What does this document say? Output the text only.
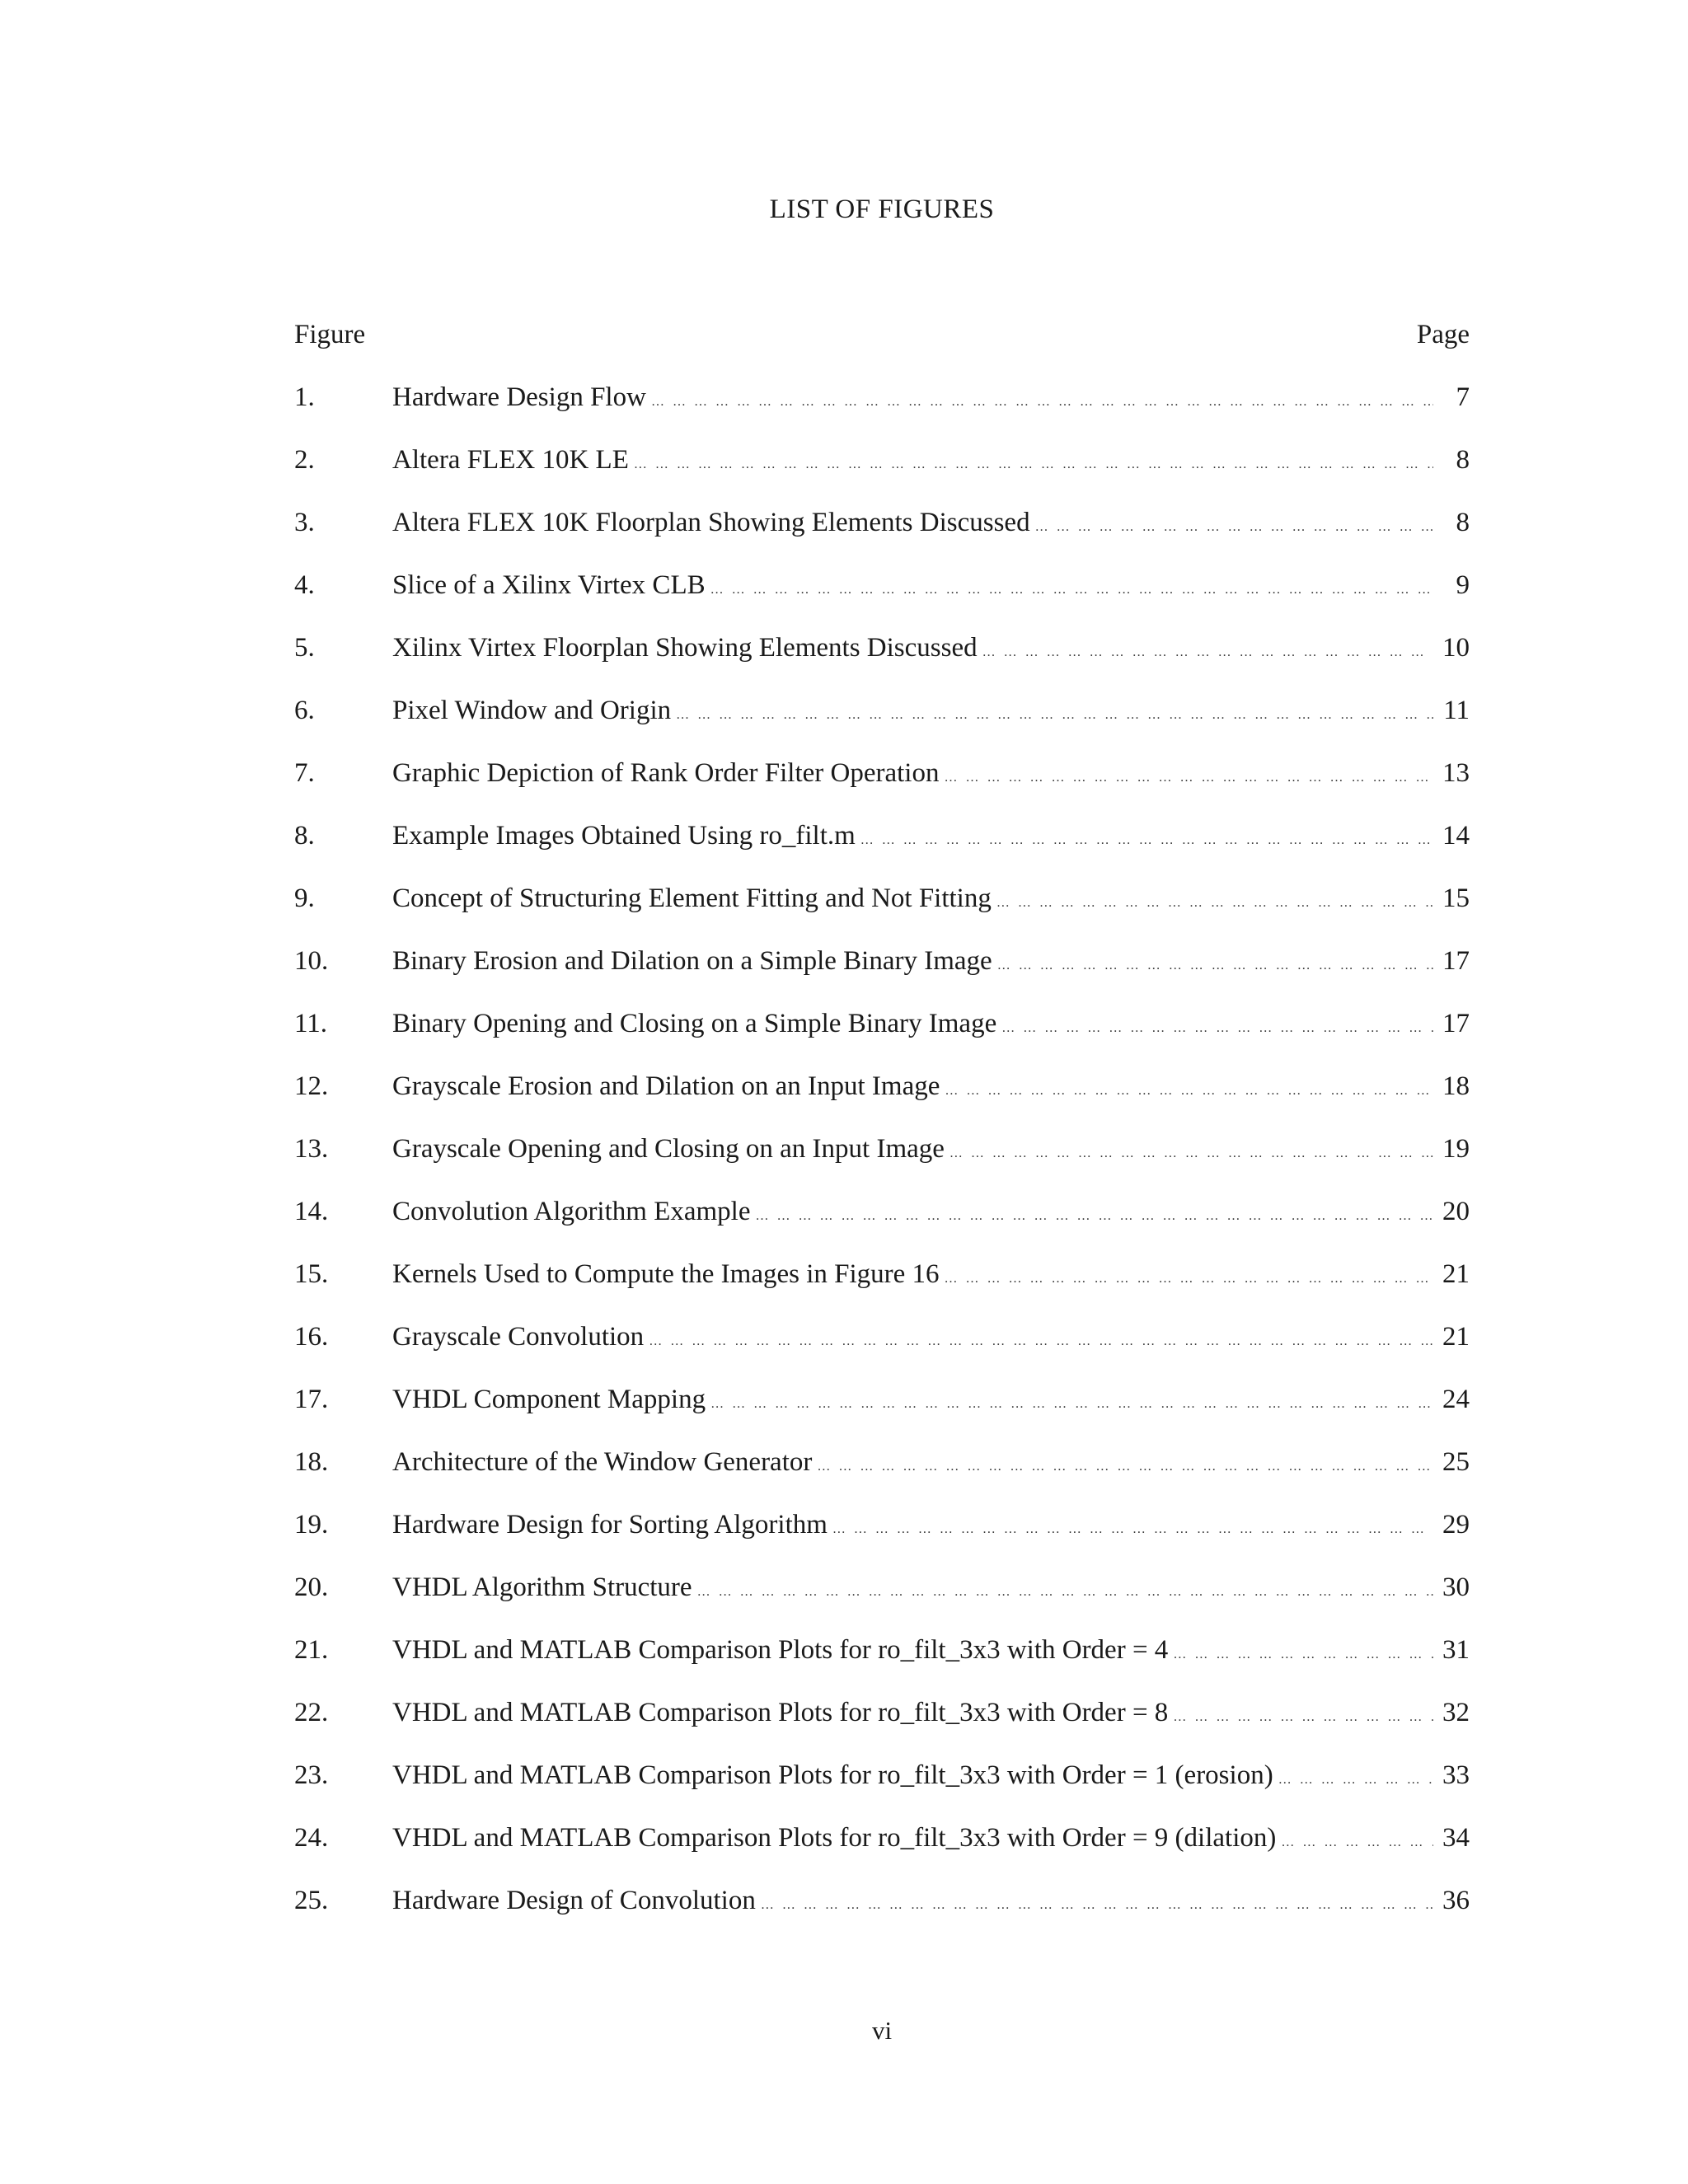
LIST OF FIGURES
Figure	Page
1.	Hardware Design Flow … … … … … … … … … … … … … … … … … … … … … … … … … … … … … … … … … … … … … … … … … … … … … … … … … … … … … … … … … … … … … … …	7
2.	Altera FLEX 10K LE … … … … … … … … … … … … … … … … … … … … … … … … … … … … … … … … … … … … … … … … … … … … … … … … … … … … … … … … … … … … … … …	8
3.	Altera FLEX 10K Floorplan Showing Elements Discussed … … … … … … … … … … … … … … … … … … … … … … … … … … … … … … … … … … … … … … … … … … … … … … … … … … … … … … … … … … … … … … …	8
4.	Slice of a Xilinx Virtex CLB … … … … … … … … … … … … … … … … … … … … … … … … … … … … … … … … … … … … … … … … … … … … … … … … … … … … … … … … … … … … … … …	9
5.	Xilinx Virtex Floorplan Showing Elements Discussed … … … … … … … … … … … … … … … … … … … … … … … … … … … … … … … … … … … … … … … … … … … … … … … … … … … … … … … … … … … … … … …	10
6.	Pixel Window and Origin … … … … … … … … … … … … … … … … … … … … … … … … … … … … … … … … … … … … … … … … … … … … … … … … … … … … … … … … … … … … … … …	11
7.	Graphic Depiction of Rank Order Filter Operation … … … … … … … … … … … … … … … … … … … … … … … … … … … … … … … … … … … … … … … … … … … … … … … … … … … … … … … … … … … … … … …	13
8.	Example Images Obtained Using ro_filt.m … … … … … … … … … … … … … … … … … … … … … … … … … … … … … … … … … … … … … … … … … … … … … … … … … … … … … … … … … … … … … … …	14
9.	Concept of Structuring Element Fitting and Not Fitting … … … … … … … … … … … … … … … … … … … … … … … … … … … … … … … … … … … … … … … … … … … … … … … … … … … … … … … … … … … … … … …	15
10.	Binary Erosion and Dilation on a Simple Binary Image … … … … … … … … … … … … … … … … … … … … … … … … … … … … … … … … … … … … … … … … … … … … … … … … … … … … … … … … … … … … … … …	17
11.	Binary Opening and Closing on a Simple Binary Image … … … … … … … … … … … … … … … … … … … … … … … … … … … … … … … … … … … … … … … … … … … … … … … … … … … … … … … … … … … … … … …	17
12.	Grayscale Erosion and Dilation on an Input Image … … … … … … … … … … … … … … … … … … … … … … … … … … … … … … … … … … … … … … … … … … … … … … … … … … … … … … … … … … … … … … …	18
13.	Grayscale Opening and Closing on an Input Image … … … … … … … … … … … … … … … … … … … … … … … … … … … … … … … … … … … … … … … … … … … … … … … … … … … … … … … … … … … … … … …	19
14.	Convolution Algorithm Example … … … … … … … … … … … … … … … … … … … … … … … … … … … … … … … … … … … … … … … … … … … … … … … … … … … … … … … … … … … … … … …	20
15.	Kernels Used to Compute the Images in Figure 16 … … … … … … … … … … … … … … … … … … … … … … … … … … … … … … … … … … … … … … … … … … … … … … … … … … … … … … … … … … … … … … …	21
16.	Grayscale Convolution … … … … … … … … … … … … … … … … … … … … … … … … … … … … … … … … … … … … … … … … … … … … … … … … … … … … … … … … … … … … … … …	21
17.	VHDL Component Mapping … … … … … … … … … … … … … … … … … … … … … … … … … … … … … … … … … … … … … … … … … … … … … … … … … … … … … … … … … … … … … … …	24
18.	Architecture of the Window Generator … … … … … … … … … … … … … … … … … … … … … … … … … … … … … … … … … … … … … … … … … … … … … … … … … … … … … … … … … … … … … … …	25
19.	Hardware Design for Sorting Algorithm … … … … … … … … … … … … … … … … … … … … … … … … … … … … … … … … … … … … … … … … … … … … … … … … … … … … … … … … … … … … … … …	29
20.	VHDL Algorithm Structure … … … … … … … … … … … … … … … … … … … … … … … … … … … … … … … … … … … … … … … … … … … … … … … … … … … … … … … … … … … … … … …	30
21.	VHDL and MATLAB Comparison Plots for ro_filt_3x3 with Order = 4 … … … … … … … … … … … … … … … … … … … … … … … … … … … … … … … … … … … … … … … … … … … … … … … … … … … … … … … … … … … … … … …	31
22.	VHDL and MATLAB Comparison Plots for ro_filt_3x3 with Order = 8 … … … … … … … … … … … … … … … … … … … … … … … … … … … … … … … … … … … … … … … … … … … … … … … … … … … … … … … … … … … … … … …	32
23.	VHDL and MATLAB Comparison Plots for ro_filt_3x3 with Order = 1 (erosion) … … … … … … … … … … … … … … … … … … … … … … … … … … … … … … … … … … … … … … … … … … … … … … … … … … … … … … … … … … … … … … …	33
24.	VHDL and MATLAB Comparison Plots for ro_filt_3x3 with Order = 9 (dilation) … … … … … … … … … … … … … … … … … … … … … … … … … … … … … … … … … … … … … … … … … … … … … … … … … … … … … … … … … … … … … … …	34
25.	Hardware Design of Convolution … … … … … … … … … … … … … … … … … … … … … … … … … … … … … … … … … … … … … … … … … … … … … … … … … … … … … … … … … … … … … … …	36
vi
